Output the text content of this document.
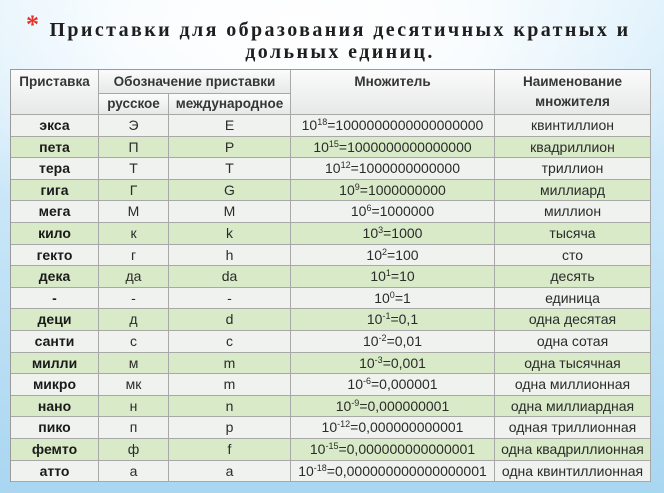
* Приставки для образования десятичных кратных и
дольных единиц.
Приставка	Обозначение приставки	Множитель	Наименование множителя
русское	международное
экса	Э	E	$10^{18}=1000000000000000000$	квинтиллион
пета	П	P	$10^{15}=1000000000000000$	квадриллион
тера	Т	T	$10^{12}=1000000000000$	триллион
гига	Г	G	$10^9=1000000000$	миллиард
мега	М	M	$10^6=1000000$	миллион
кило	к	k	$10^3=1000$	тысяча
гекто	г	h	$10^2=100$	сто
дека	да	da	$10^1=10$	десять
-	-	-	$10^0=1$	единица
деци	д	d	$10^{-1}=0,1$	одна десятая
санти	с	c	$10^{-2}=0,01$	одна сотая
милли	м	m	$10^{-3}=0,001$	одна тысячная
микро	мк	m	$10^{-6}=0,000001$	одна миллионная
нано	н	n	$10^{-9}=0,000000001$	одна миллиардная
пико	п	p	$10^{-12}=0,000000000001$	одная триллионная
фемто	ф	f	$10^{-15}=0,000000000000001$	одна квадриллионная
атто	а	a	$10^{-18}=0,000000000000000001$	одна квинтиллионная
